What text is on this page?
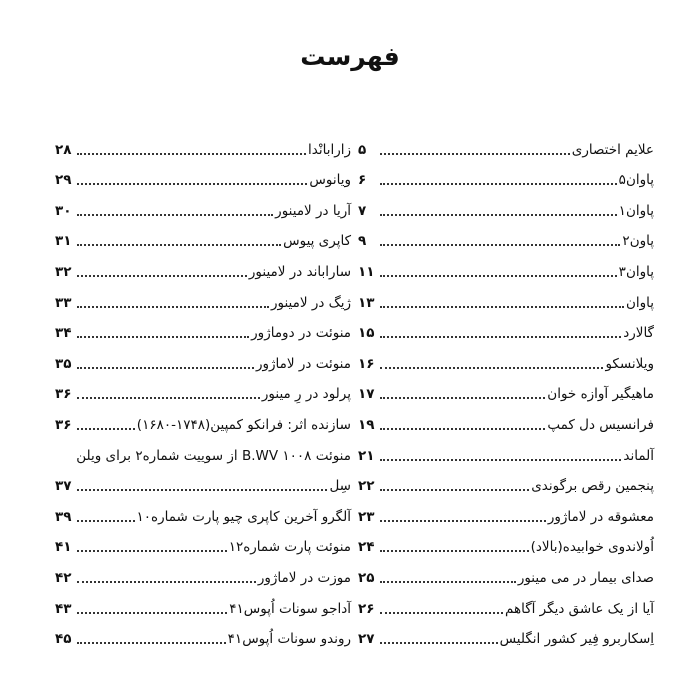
فهرست
علایم اختصاری
۵
پاوان۵
۶
پاوان۱
۷
پاون۲
۹
پاوان۳
۱۱
پاوان
۱۳
گالارد
۱۵
ویلانسکو
۱۶
ماهیگیر آوازه خوان
۱۷
فرانسیس دل کمپ
۱۹
آلماند
۲۱
پنجمین رقص برگوندی
۲۲
معشوقه در لاماژور
۲۳
اُولاندوی خوابیده(بالاد)
۲۴
صدای بیمار در می مینور
۲۵
آیا از یک عاشق دیگر آگاهم
۲۶
اِسکاربرو فِیر کشور انگلیس
۲۷
زارابانْدا
۲۸
ویانوس
۲۹
آریا در لامینور
۳۰
کاپری پیوس
۳۱
ساراباند در لامینور
۳۲
ژیگ در لامینور
۳۳
منوئت در دوماژور
۳۴
منوئت در لاماژور
۳۵
پرلود در رِ مینور
۳۶
سازنده اثر: فرانکو کمپین(۱۷۴۸-۱۶۸۰)
۳۶
منوئت ۱۰۰۸ B.WV از سوییت شماره۲ برای ویلن
سِل
۳۷
آلگرو آخرین کاپری چیو پارت شماره۱۰
۳۹
منوئت پارت شماره۱۲
۴۱
موزت در لاماژور
۴۲
آداجو سونات اُپوس۴۱
۴۳
روندو سونات اُپوس۴۱
۴۵
